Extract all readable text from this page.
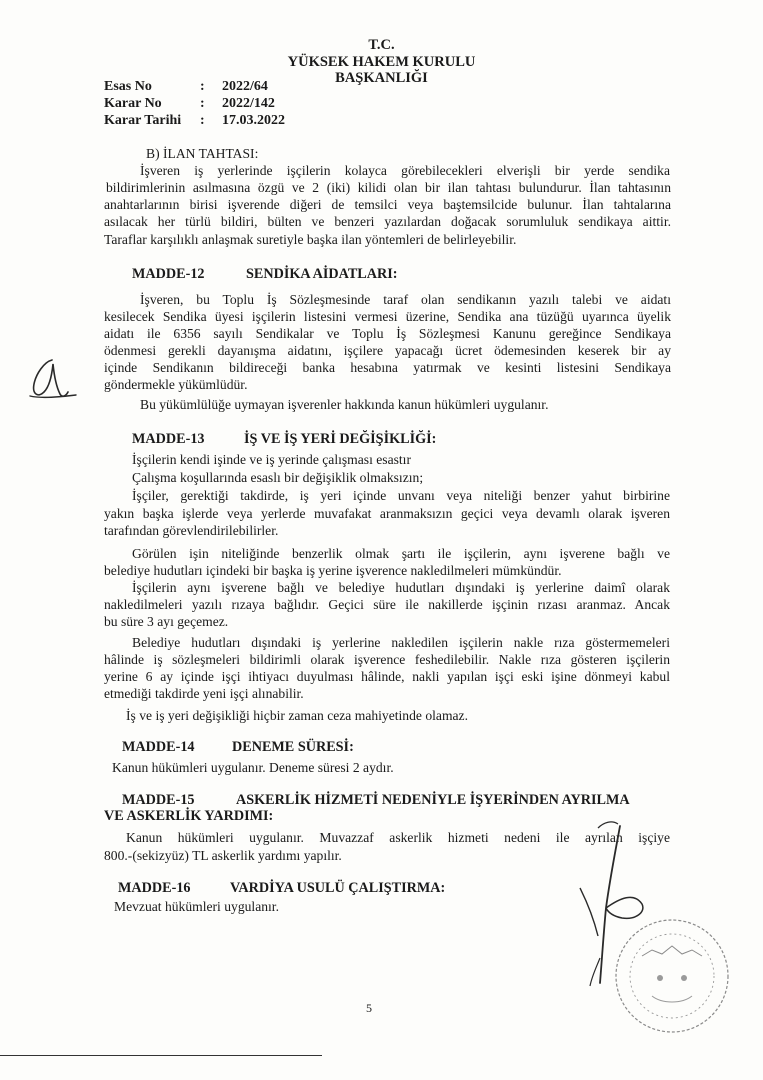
T.C.
YÜKSEK HAKEM KURULU
BAŞKANLIĞI
Esas No	: 2022/64
Karar No	: 2022/142
Karar Tarihi : 17.03.2022
B) İLAN TAHTASI:
İşveren iş yerlerinde işçilerin kolayca görebilecekleri elverişli bir yerde sendika
bildirimlerinin asılmasına özgü ve 2 (iki) kilidi olan bir ilan tahtası bulundurur. İlan tahtasının
anahtarlarının birisi işverende diğeri de temsilci veya baştemsilcide bulunur. İlan tahtalarına
asılacak her türlü bildiri, bülten ve benzeri yazılardan doğacak sorumluluk sendikaya aittir.
Taraflar karşılıklı anlaşmak suretiyle başka ilan yöntemleri de belirleyebilir.
MADDE-12	SENDİKA AİDATLARI:
İşveren, bu Toplu İş Sözleşmesinde taraf olan sendikanın yazılı talebi ve aidatı
kesilecek Sendika üyesi işçilerin listesini vermesi üzerine, Sendika ana tüzüğü uyarınca üyelik
aidatı ile 6356 sayılı Sendikalar ve Toplu İş Sözleşmesi Kanunu gereğince Sendikaya
ödenmesi gerekli dayanışma aidatını, işçilere yapacağı ücret ödemesinden keserek bir ay
içinde Sendikanın bildireceği banka hesabına yatırmak ve kesinti listesini Sendikaya
göndermekle yükümlüdür.
Bu yükümlülüğe uymayan işverenler hakkında kanun hükümleri uygulanır.
MADDE-13	İŞ VE İŞ YERİ DEĞİŞİKLİĞİ:
İşçilerin kendi işinde ve iş yerinde çalışması esastır
Çalışma koşullarında esaslı bir değişiklik olmaksızın;
İşçiler, gerektiği takdirde, iş yeri içinde unvanı veya niteliği benzer yahut birbirine
yakın başka işlerde veya yerlerde muvafakat aranmaksızın geçici veya devamlı olarak işveren
tarafından görevlendirilebilirler.
Görülen işin niteliğinde benzerlik olmak şartı ile işçilerin, aynı işverene bağlı ve
belediye hudutları içindeki bir başka iş yerine işverence nakledilmeleri mümkündür.
İşçilerin aynı işverene bağlı ve belediye hudutları dışındaki iş yerlerine daimî olarak
nakledilmeleri yazılı rızaya bağlıdır. Geçici süre ile nakillerde işçinin rızası aranmaz. Ancak
bu süre 3 ayı geçemez.
Belediye hudutları dışındaki iş yerlerine nakledilen işçilerin nakle rıza göstermemeleri
hâlinde iş sözleşmeleri bildirimli olarak işverence feshedilebilir. Nakle rıza gösteren işçilerin
yerine 6 ay içinde işçi ihtiyacı duyulması hâlinde, nakli yapılan işçi eski işine dönmeyi kabul
etmediği takdirde yeni işçi alınabilir.
İş ve iş yeri değişikliği hiçbir zaman ceza mahiyetinde olamaz.
MADDE-14	DENEME SÜRESİ:
Kanun hükümleri uygulanır. Deneme süresi 2 aydır.
MADDE-15	ASKERLİK HİZMETİ NEDENİYLE İŞYERİNDEN AYRILMA
VE ASKERLİK YARDIMI:
Kanun hükümleri uygulanır. Muvazzaf askerlik hizmeti nedeni ile ayrılan işçiye
800.-(sekizyüz) TL askerlik yardımı yapılır.
MADDE-16	VARDİYA USULÜ ÇALIŞTIRMA:
Mevzuat hükümleri uygulanır.
5
